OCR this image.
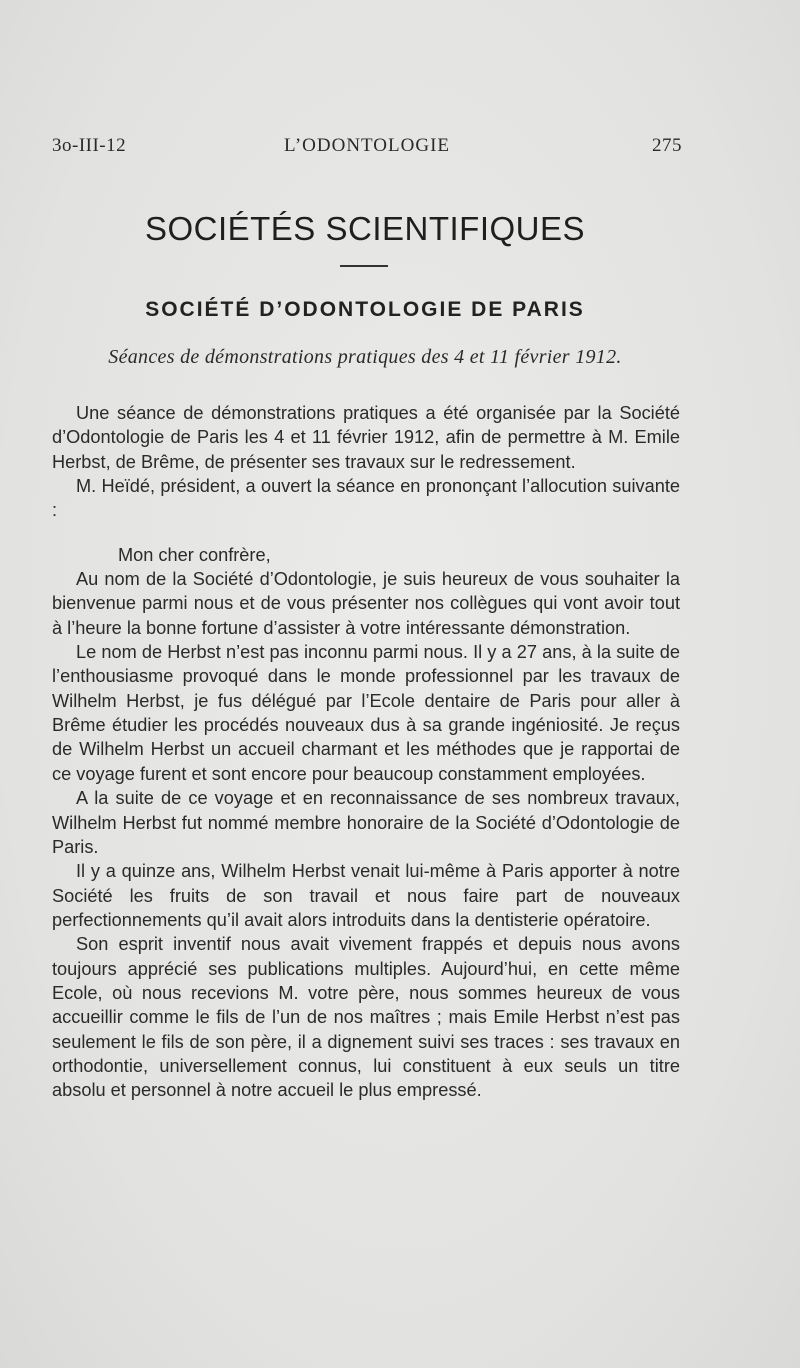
3o-III-12	L’ODONTOLOGIE	275
SOCIÉTÉS SCIENTIFIQUES
SOCIÉTÉ D’ODONTOLOGIE DE PARIS
Séances de démonstrations pratiques des 4 et 11 février 1912.

Une séance de démonstrations pratiques a été organisée par la Société d’Odontologie de Paris les 4 et 11 février 1912, afin de permettre à M. Emile Herbst, de Brême, de présenter ses travaux sur le redressement.

M. Heïdé, président, a ouvert la séance en prononçant l’allocution suivante :

Mon cher confrère,

Au nom de la Société d’Odontologie, je suis heureux de vous souhaiter la bienvenue parmi nous et de vous présenter nos collègues qui vont avoir tout à l’heure la bonne fortune d’assister à votre intéressante démonstration.

Le nom de Herbst n’est pas inconnu parmi nous. Il y a 27 ans, à la suite de l’enthousiasme provoqué dans le monde professionnel par les travaux de Wilhelm Herbst, je fus délégué par l’Ecole dentaire de Paris pour aller à Brême étudier les procédés nouveaux dus à sa grande ingéniosité. Je reçus de Wilhelm Herbst un accueil charmant et les méthodes que je rapportai de ce voyage furent et sont encore pour beaucoup constamment employées.

A la suite de ce voyage et en reconnaissance de ses nombreux travaux, Wilhelm Herbst fut nommé membre honoraire de la Société d’Odontologie de Paris.

Il y a quinze ans, Wilhelm Herbst venait lui-même à Paris apporter à notre Société les fruits de son travail et nous faire part de nouveaux perfectionnements qu’il avait alors introduits dans la dentisterie opératoire.

Son esprit inventif nous avait vivement frappés et depuis nous avons toujours apprécié ses publications multiples. Aujourd’hui, en cette même Ecole, où nous recevions M. votre père, nous sommes heureux de vous accueillir comme le fils de l’un de nos maîtres ; mais Emile Herbst n’est pas seulement le fils de son père, il a dignement suivi ses traces : ses travaux en orthodontie, universellement connus, lui constituent à eux seuls un titre absolu et personnel à notre accueil le plus empressé.
